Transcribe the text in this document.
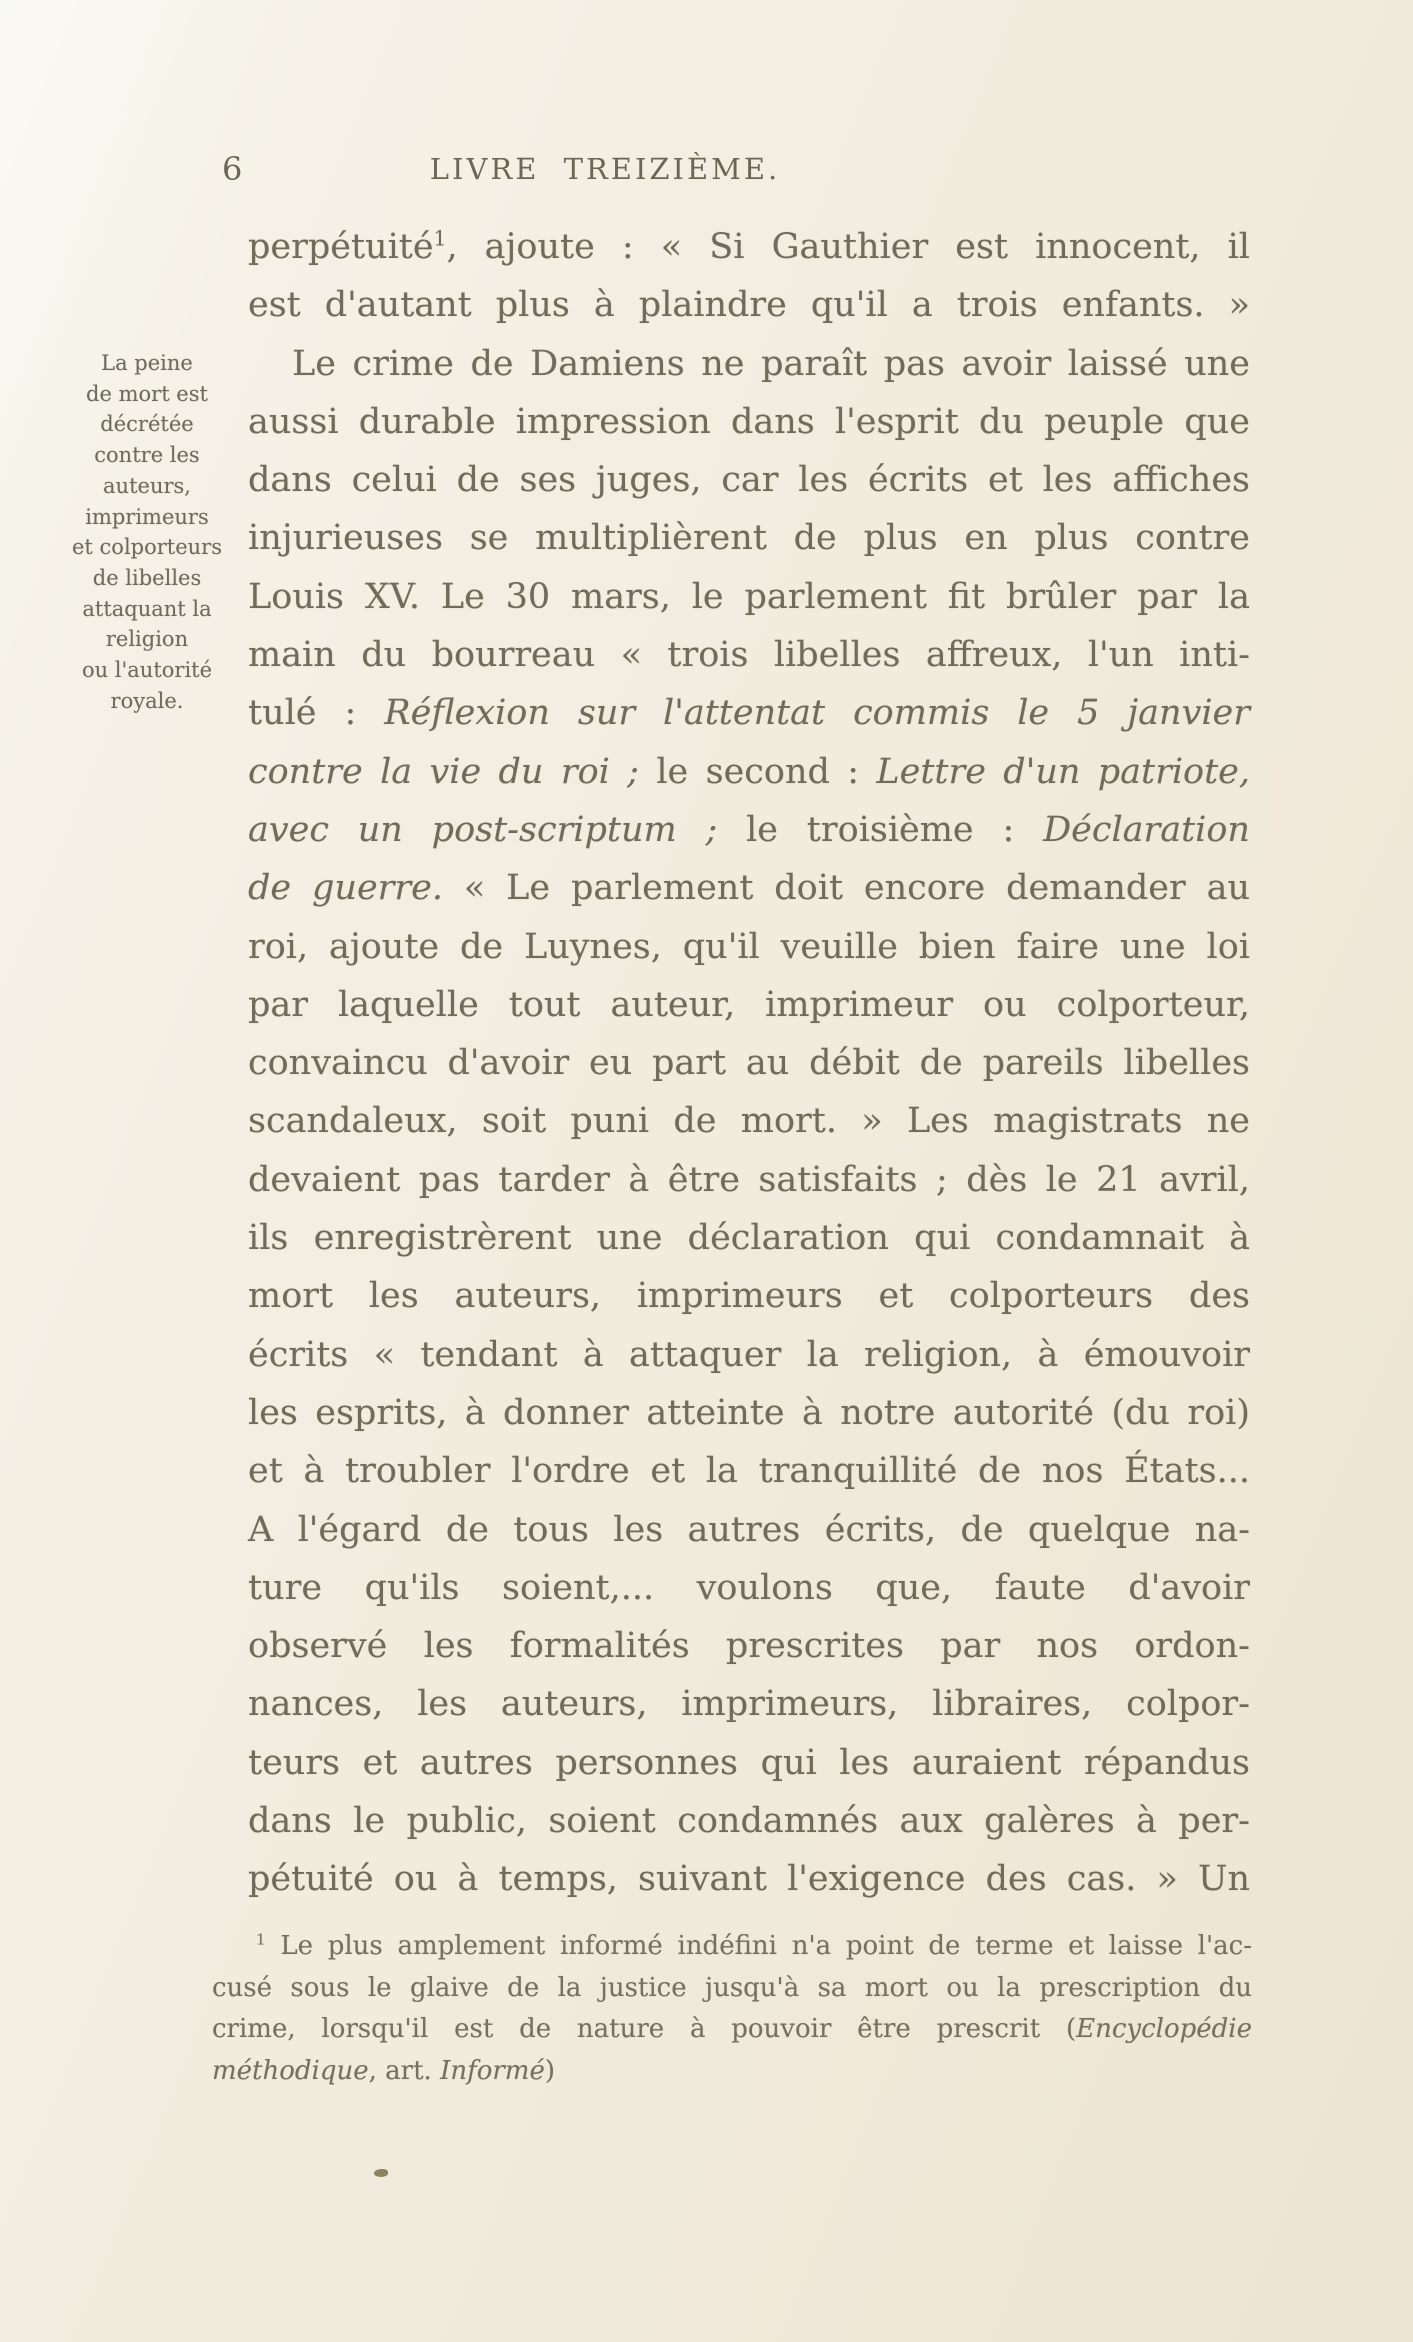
6	LIVRE TREIZIÈME.
La peine
de mort est
décrétée
contre les
auteurs,
imprimeurs
et colporteurs
de libelles
attaquant la
religion
ou l'autorité
royale.
perpétuité$^1$, ajoute : « Si Gauthier est innocent, il
est d'autant plus à plaindre qu'il a trois enfants. »
Le crime de Damiens ne paraît pas avoir laissé une
aussi durable impression dans l'esprit du peuple que
dans celui de ses juges, car les écrits et les affiches
injurieuses se multiplièrent de plus en plus contre
Louis XV. Le 30 mars, le parlement fit brûler par la
main du bourreau « trois libelles affreux, l'un inti-
tulé : Réflexion sur l'attentat commis le 5 janvier
contre la vie du roi ; le second : Lettre d'un patriote,
avec un post-scriptum ; le troisième : Déclaration
de guerre. « Le parlement doit encore demander au
roi, ajoute de Luynes, qu'il veuille bien faire une loi
par laquelle tout auteur, imprimeur ou colporteur,
convaincu d'avoir eu part au débit de pareils libelles
scandaleux, soit puni de mort. » Les magistrats ne
devaient pas tarder à être satisfaits ; dès le 21 avril,
ils enregistrèrent une déclaration qui condamnait à
mort les auteurs, imprimeurs et colporteurs des
écrits « tendant à attaquer la religion, à émouvoir
les esprits, à donner atteinte à notre autorité (du roi)
et à troubler l'ordre et la tranquillité de nos États...
A l'égard de tous les autres écrits, de quelque na-
ture qu'ils soient,... voulons que, faute d'avoir
observé les formalités prescrites par nos ordon-
nances, les auteurs, imprimeurs, libraires, colpor-
teurs et autres personnes qui les auraient répandus
dans le public, soient condamnés aux galères à per-
pétuité ou à temps, suivant l'exigence des cas. » Un
$^1$ Le plus amplement informé indéfini n'a point de terme et laisse l'ac-
cusé sous le glaive de la justice jusqu'à sa mort ou la prescription du
crime, lorsqu'il est de nature à pouvoir être prescrit (Encyclopédie
méthodique, art. Informé)
